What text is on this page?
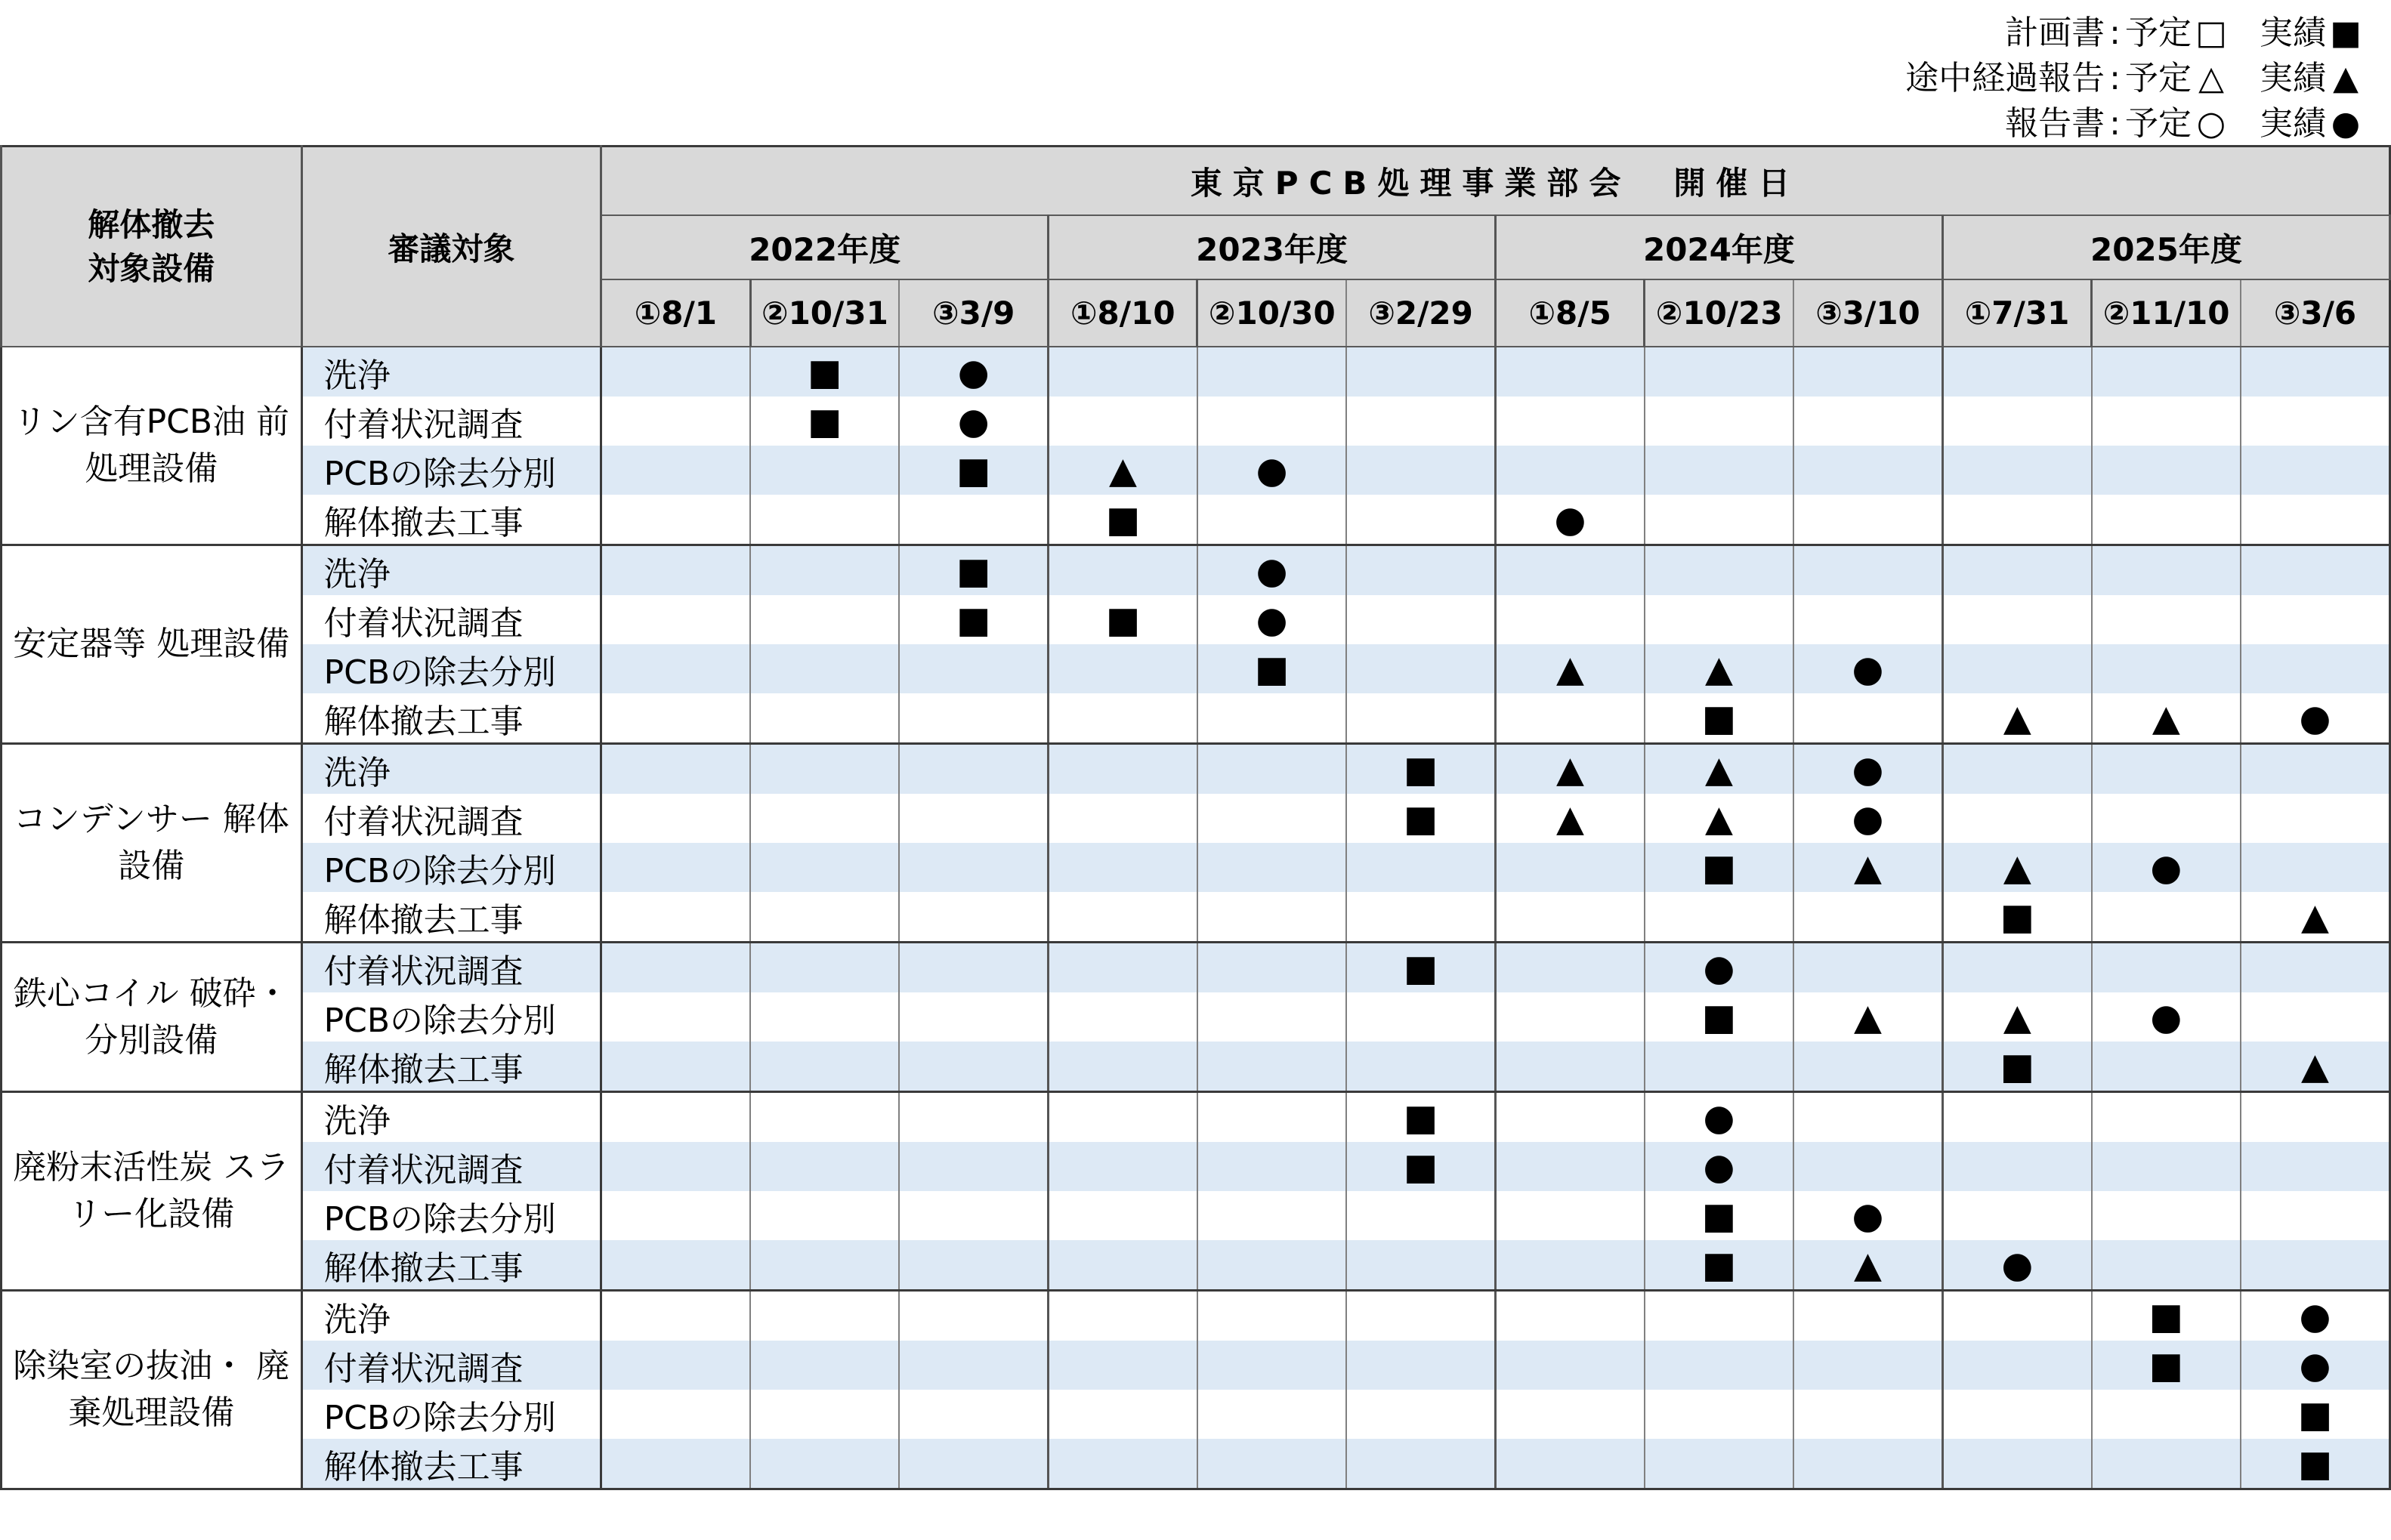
計画書 : 予定 □ 実績 ■
途中経過報告 : 予定 △ 実績 ▲
報告書 : 予定 ○ 実績 ●
解体撤去
対象設備	審議対象	東京PCB処理事業部会　開催日											
		2022年度			2023年度			2024年度			2025年度		
		①8/1	②10/31	③3/9	①8/10	②10/30	③2/29	①8/5	②10/23	③3/10	①7/31	②11/10	③3/6
リン含有PCB油 前処理設備	洗浄		■	●									
	付着状況調査		■	●									
	PCBの除去分別			■	▲	●							
	解体撤去工事				■			●					
安定器等 処理設備	洗浄			■		●							
	付着状況調査			■	■	●							
	PCBの除去分別					■		▲	▲	●			
	解体撤去工事								■		▲	▲	●
コンデンサー 解体設備	洗浄						■	▲	▲	●			
	付着状況調査						■	▲	▲	●			
	PCBの除去分別								■	▲	▲	●	
	解体撤去工事										■		▲
鉄心コイル 破砕・分別設備	付着状況調査						■		●				
	PCBの除去分別								■	▲	▲	●	
	解体撤去工事										■		▲
廃粉末活性炭 スラリー化設備	洗浄						■		●				
	付着状況調査						■		●				
	PCBの除去分別								■	●			
	解体撤去工事								■	▲	●		
除染室の抜油・ 廃棄処理設備	洗浄											■	●
	付着状況調査											■	●
	PCBの除去分別												■
	解体撤去工事												■
